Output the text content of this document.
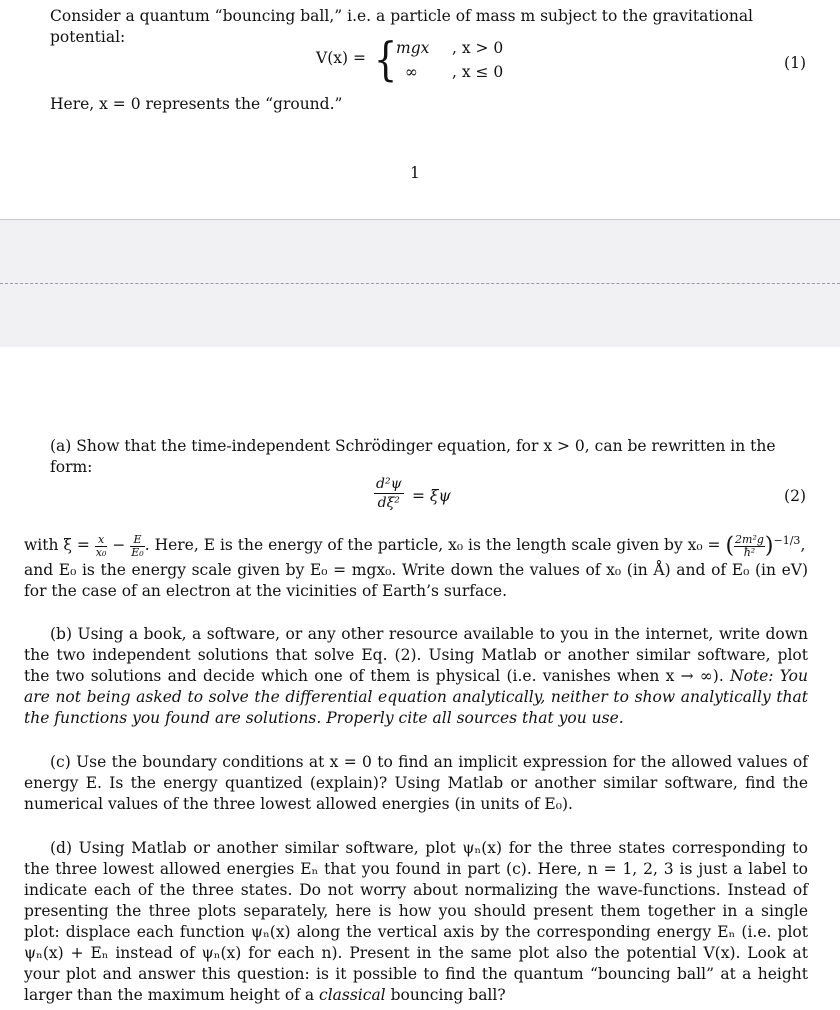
Consider a quantum “bouncing ball,” i.e. a particle of mass m subject to the gravitational potential:
V(x) = {
mgx , x > 0
∞ , x ≤ 0	(1)
Here, x = 0 represents the “ground.”
1
(a) Show that the time-independent Schrödinger equation, for x > 0, can be rewritten in the form:
$\frac{\text{d²ψ}}{\text{dξ²}} = \xi\psi$	(2)
with $\xi = \frac{x}{\text{x₀}} - \frac{E}{\text{E₀}}$ . Here, E is the energy of the particle, x₀ is the length scale given by x₀ = ( $\frac{\text{2m²g}}{\text{ħ²}} )^{-1/3}$,
and E₀ is the energy scale given by E₀ = mgx₀. Write down the values of x₀ (in Å) and of E₀ (in eV) for the case of an electron at the vicinities of Earth’s surface.
(b) Using a book, a software, or any other resource available to you in the internet, write down the two independent solutions that solve Eq. (2). Using Matlab or another similar software, plot the two solutions and decide which one of them is physical (i.e. vanishes when x → ∞). Note: You are not being asked to solve the differential equation analytically, neither to show analytically that the functions you found are solutions. Properly cite all sources that you use.
(c) Use the boundary conditions at x = 0 to find an implicit expression for the allowed values of energy E. Is the energy quantized (explain)? Using Matlab or another similar software, find the numerical values of the three lowest allowed energies (in units of E₀).
(d) Using Matlab or another similar software, plot ψₙ(x) for the three states corresponding to the three lowest allowed energies Eₙ that you found in part (c). Here, n = 1, 2, 3 is just a label to indicate each of the three states. Do not worry about normalizing the wave-functions. Instead of presenting the three plots separately, here is how you should present them together in a single plot: displace each function ψₙ(x) along the vertical axis by the corresponding energy Eₙ (i.e. plot ψₙ(x) + Eₙ instead of ψₙ(x) for each n). Present in the same plot also the potential V(x). Look at your plot and answer this question: is it possible to find the quantum “bouncing ball” at a height larger than the maximum height of a classical bouncing ball?
